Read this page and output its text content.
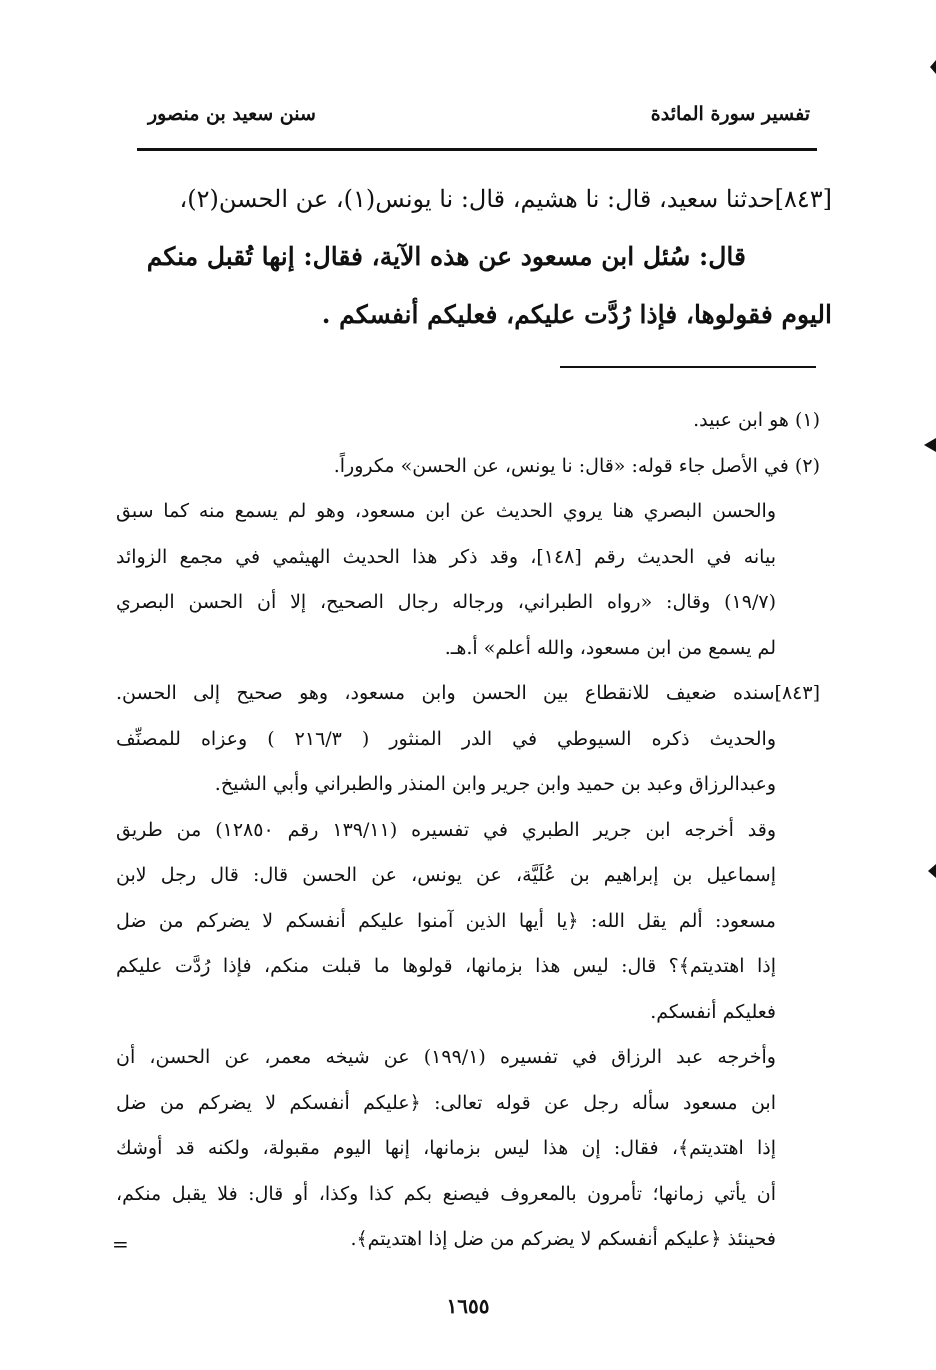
تفسير سورة المائدة
سنن سعيد بن منصور
[٨٤٣]حدثنا سعيد، قال: نا هشيم، قال: نا يونس(١)، عن الحسن(٢)،
قال: سُئل ابن مسعود عن هذه الآية، فقال: إنها تُقبل منكم
اليوم فقولوها، فإذا رُدَّت عليكم، فعليكم أنفسكم .
(١) هو ابن عبيد.
(٢) في الأصل جاء قوله: «قال: نا يونس، عن الحسن» مكروراً.
والحسن البصري هنا يروي الحديث عن ابن مسعود، وهو لم يسمع منه كما سبق
بيانه في الحديث رقم [١٤٨]، وقد ذكر هذا الحديث الهيثمي في مجمع الزوائد
(١٩/٧) وقال: «رواه الطبراني، ورجاله رجال الصحيح، إلا أن الحسن البصري
لم يسمع من ابن مسعود، والله أعلم» أ.هـ.
[٨٤٣]سنده ضعيف للانقطاع بين الحسن وابن مسعود، وهو صحيح إلى الحسن.
والحديث ذكره السيوطي في الدر المنثور ( ٢١٦/٣ ) وعزاه للمصنِّف
وعبدالرزاق وعبد بن حميد وابن جرير وابن المنذر والطبراني وأبي الشيخ.
وقد أخرجه ابن جرير الطبري في تفسيره (١٣٩/١١ رقم ١٢٨٥٠) من طريق
إسماعيل بن إبراهيم بن عُلَيَّة، عن يونس، عن الحسن قال: قال رجل لابن
مسعود: ألم يقل الله: ﴿يا أيها الذين آمنوا عليكم أنفسكم لا يضركم من ضل
إذا اهتديتم﴾؟ قال: ليس هذا بزمانها، قولوها ما قبلت منكم، فإذا رُدَّت عليكم
فعليكم أنفسكم.
وأخرجه عبد الرزاق في تفسيره (١٩٩/١) عن شيخه معمر، عن الحسن، أن
ابن مسعود سأله رجل عن قوله تعالى: ﴿عليكم أنفسكم لا يضركم من ضل
إذا اهتديتم﴾، فقال: إن هذا ليس بزمانها، إنها اليوم مقبولة، ولكنه قد أوشك
أن يأتي زمانها؛ تأمرون بالمعروف فيصنع بكم كذا وكذا، أو قال: فلا يقبل منكم،
فحينئذ ﴿عليكم أنفسكم لا يضركم من ضل إذا اهتديتم﴾.
=
١٦٥٥
